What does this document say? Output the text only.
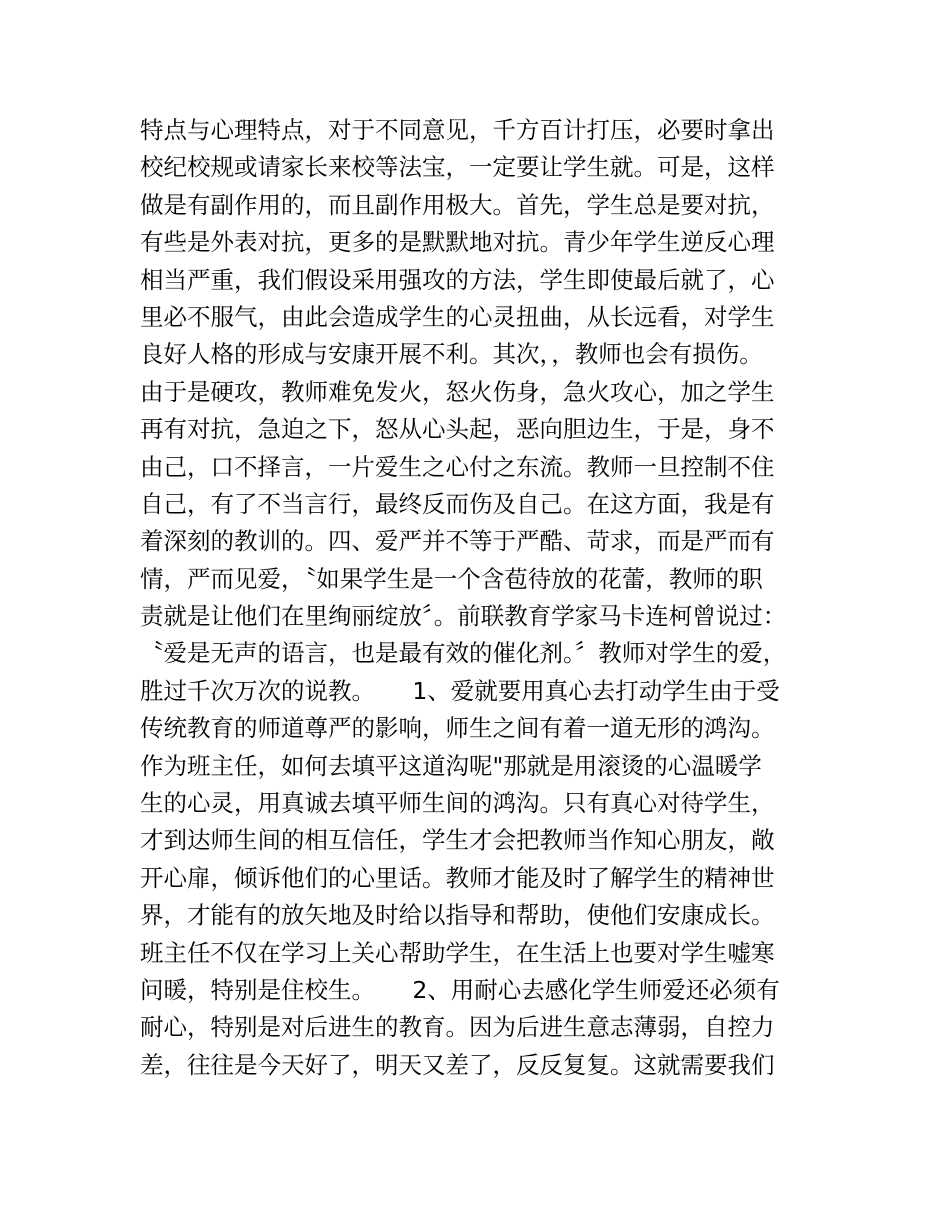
特点与心理特点，对于不同意见，千方百计打压，必要时拿出
校纪校规或请家长来校等法宝，一定要让学生就。可是，这样
做是有副作用的，而且副作用极大。首先，学生总是要对抗，
有些是外表对抗，更多的是默默地对抗。青少年学生逆反心理
相当严重，我们假设采用强攻的方法，学生即使最后就了，心
里必不服气，由此会造成学生的心灵扭曲，从长远看，对学生
良好人格的形成与安康开展不利。其次，，教师也会有损伤。
由于是硬攻，教师难免发火，怒火伤身，急火攻心，加之学生
再有对抗，急迫之下，怒从心头起，恶向胆边生，于是，身不
由己，口不择言，一片爱生之心付之东流。教师一旦控制不住
自己，有了不当言行，最终反而伤及自己。在这方面，我是有
着深刻的教训的。四、爱严并不等于严酷、苛求，而是严而有
情，严而见爱，〝如果学生是一个含苞待放的花蕾，教师的职
责就是让他们在里绚丽绽放〞。前联教育学家马卡连柯曾说过：
〝爱是无声的语言，也是最有效的催化剂。〞教师对学生的爱，
胜过千次万次的说教。     1、爱就要用真心去打动学生由于受
传统教育的师道尊严的影响，师生之间有着一道无形的鸿沟。
作为班主任，如何去填平这道沟呢"那就是用滚烫的心温暖学
生的心灵，用真诚去填平师生间的鸿沟。只有真心对待学生，
才到达师生间的相互信任，学生才会把教师当作知心朋友，敞
开心扉，倾诉他们的心里话。教师才能及时了解学生的精神世
界，才能有的放矢地及时给以指导和帮助，使他们安康成长。
班主任不仅在学习上关心帮助学生，在生活上也要对学生嘘寒
问暖，特别是住校生。     2、用耐心去感化学生师爱还必须有
耐心，特别是对后进生的教育。因为后进生意志薄弱，自控力
差，往往是今天好了，明天又差了，反反复复。这就需要我们
